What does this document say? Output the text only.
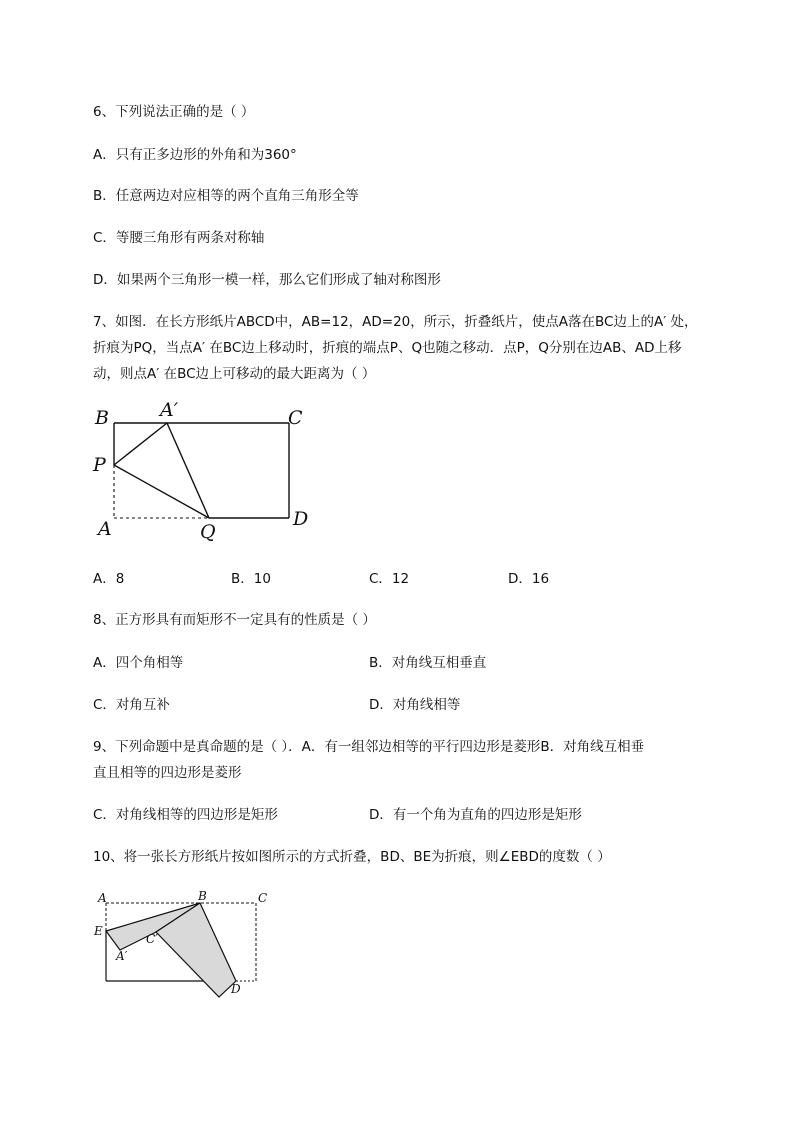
6、下列说法正确的是（ ）
A．只有正多边形的外角和为360°
B．任意两边对应相等的两个直角三角形全等
C．等腰三角形有两条对称轴
D．如果两个三角形一模一样，那么它们形成了轴对称图形
7、如图．在长方形纸片ABCD中，AB=12，AD=20，所示，折叠纸片，使点A落在BC边上的A′ 处，
折痕为PQ，当点A′ 在BC边上移动时，折痕的端点P、Q也随之移动．点P，Q分别在边AB、AD上移
动，则点A′ 在BC边上可移动的最大距离为（ ）
B	A′	C
P
A	Q
D
A．8	B．10	C．12	D．16
8、正方形具有而矩形不一定具有的性质是（ ）
A．四个角相等	B．对角线互相垂直
C．对角互补	D．对角线相等
9、下列命题中是真命题的是（ ）．A．有一组邻边相等的平行四边形是菱形B．对角线互相垂
直且相等的四边形是菱形
C．对角线相等的四边形是矩形	D．有一个角为直角的四边形是矩形
10、将一张长方形纸片按如图所示的方式折叠，BD、BE为折痕，则∠EBD的度数（ ）
A	B	C
E
A′
C′
D
